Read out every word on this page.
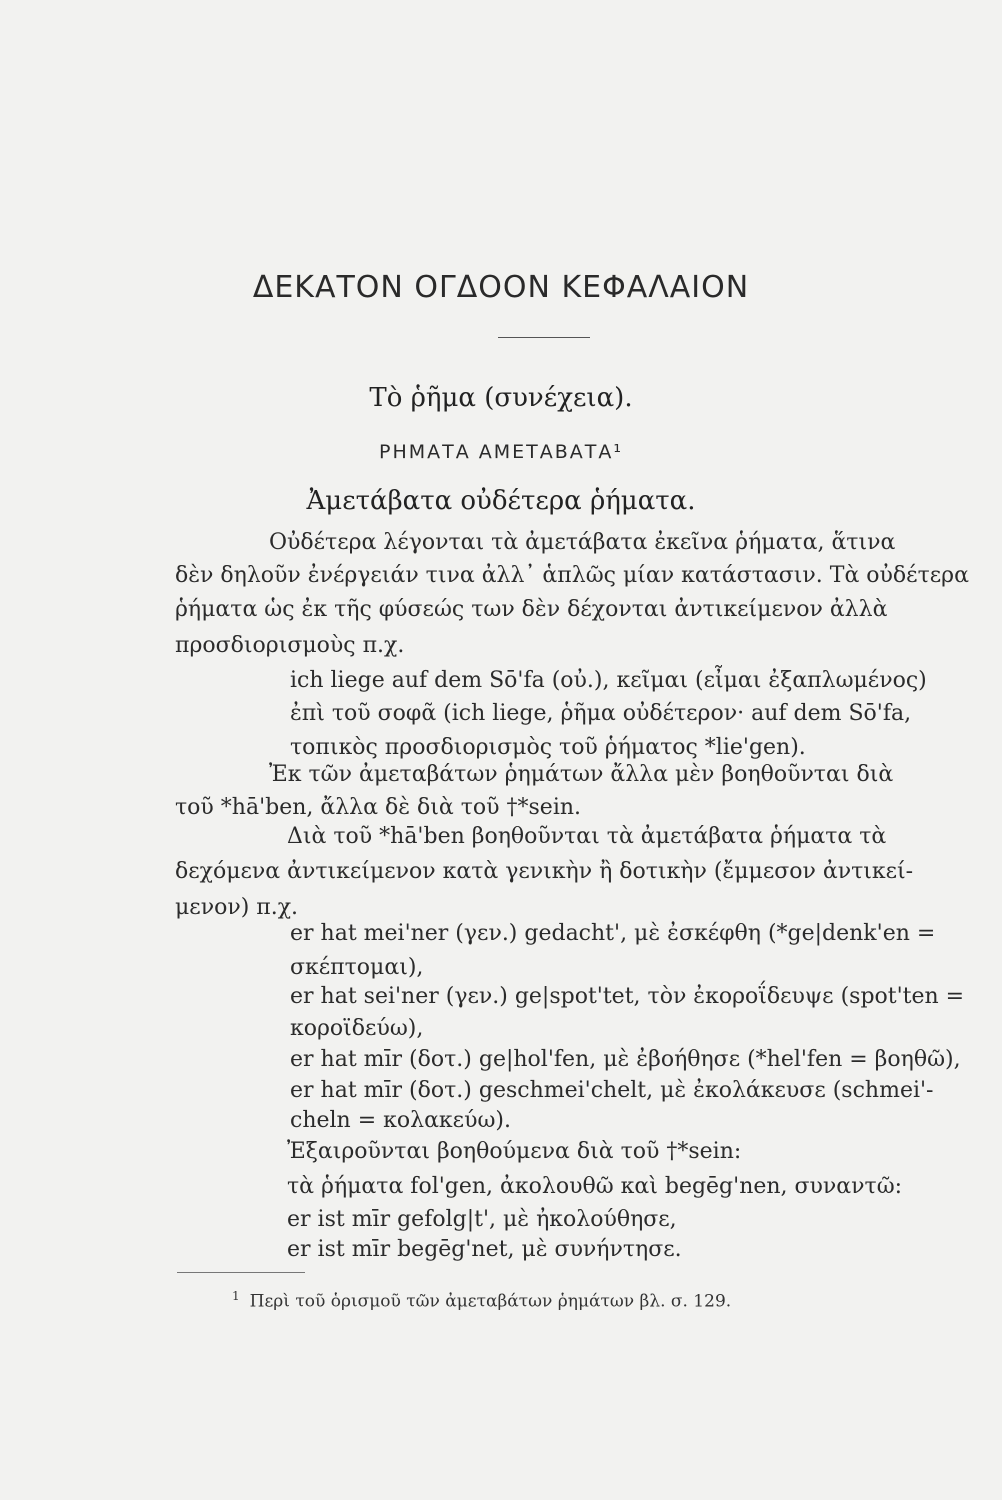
ΔΕΚΑΤΟΝ ΟΓΔΟΟΝ ΚΕΦΑΛΑΙΟΝ
Τὸ ῥῆμα (συνέχεια).
ΡΗΜΑΤΑ ΑΜΕΤΑΒΑΤΑ¹
Ἀμετάβατα οὐδέτερα ῥήματα.
Οὐδέτερα λέγονται τὰ ἀμετάβατα ἐκεῖνα ῥήματα, ἅτινα
δὲν δηλοῦν ἐνέργειάν τινα ἀλλ᾽ ἁπλῶς μίαν κατάστασιν. Τὰ οὐδέτερα
ῥήματα ὡς ἐκ τῆς φύσεώς των δὲν δέχονται ἀντικείμενον ἀλλὰ
προσδιορισμοὺς π.χ.
ich liege auf dem Sō'fa (οὐ.), κεῖμαι (εἶμαι ἐξαπλωμένος)
ἐπὶ τοῦ σοφᾶ (ich liege, ῥῆμα οὐδέτερον· auf dem Sō'fa,
τοπικὸς προσδιορισμὸς τοῦ ῥήματος *lie'gen).
Ἐκ τῶν ἀμεταβάτων ῥημάτων ἄλλα μὲν βοηθοῦνται διὰ
τοῦ *hā'ben, ἄλλα δὲ διὰ τοῦ †*sein.
Διὰ τοῦ *hā'ben βοηθοῦνται τὰ ἀμετάβατα ῥήματα τὰ
δεχόμενα ἀντικείμενον κατὰ γενικὴν ἢ δοτικὴν (ἔμμεσον ἀντικεί-
μενον) π.χ.
er hat mei'ner (γεν.) gedacht', μὲ ἐσκέφθη (*ge|denk'en =
σκέπτομαι),
er hat sei'ner (γεν.) ge|spot'tet, τὸν ἐκοροΐδευψε (spot'ten =
κοροϊδεύω),
er hat mīr (δοτ.) ge|hol'fen, μὲ ἐβοήθησε (*hel'fen = βοηθῶ),
er hat mīr (δοτ.) geschmei'chelt, μὲ ἐκολάκευσε (schmei'-
cheln = κολακεύω).
Ἐξαιροῦνται βοηθούμενα διὰ τοῦ †*sein:
τὰ ῥήματα fol'gen, ἀκολουθῶ καὶ begēg'nen, συναντῶ:
er ist mīr gefolg|t', μὲ ἠκολούθησε,
er ist mīr begēg'net, μὲ συνήντησε.
$^1$ Περὶ τοῦ ὁρισμοῦ τῶν ἀμεταβάτων ῥημάτων βλ. σ. 129.
